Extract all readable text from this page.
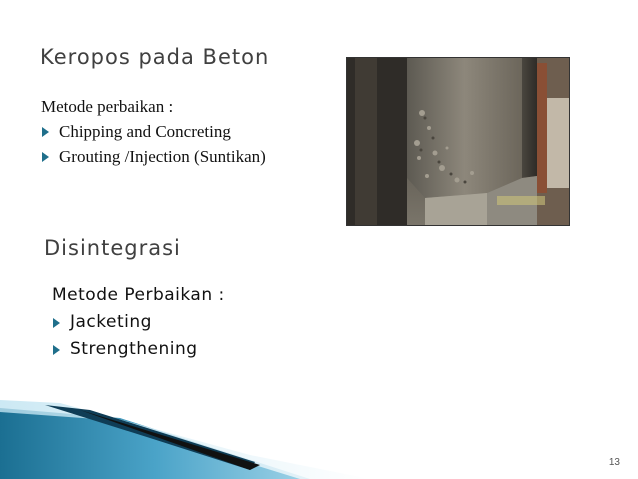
Keropos pada Beton
Metode perbaikan :
Chipping and Concreting
Grouting /Injection (Suntikan)
Disintegrasi
Metode Perbaikan :
Jacketing
Strengthening
13
